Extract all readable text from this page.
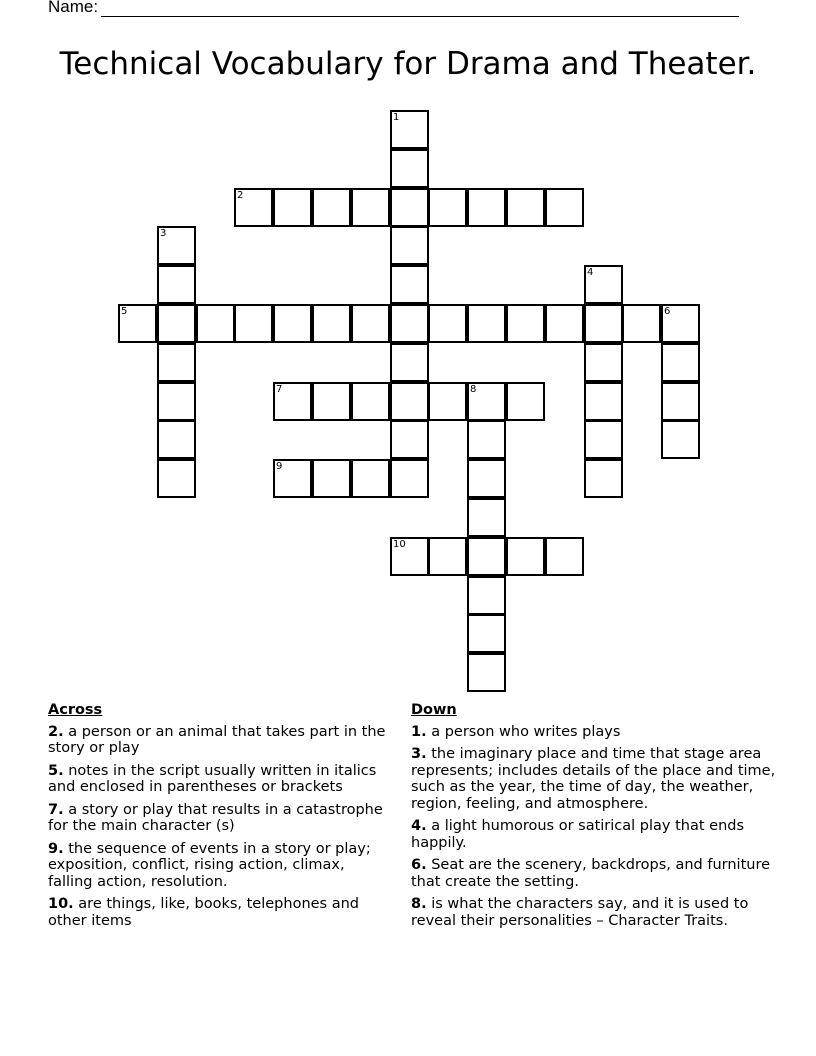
Name:
Technical Vocabulary for Drama and Theater.
1
2
3
4
5	6
7	8
9
10
Across
2. a person or an animal that takes part in the story or play
5. notes in the script usually written in italics and enclosed in parentheses or brackets
7. a story or play that results in a catastrophe for the main character (s)
9. the sequence of events in a story or play; exposition, conflict, rising action, climax, falling action, resolution.
10. are things, like, books, telephones and other items
Down
1. a person who writes plays
3. the imaginary place and time that stage area represents; includes details of the place and time, such as the year, the time of day, the weather, region, feeling, and atmosphere.
4. a light humorous or satirical play that ends happily.
6. Seat are the scenery, backdrops, and furniture that create the setting.
8. is what the characters say, and it is used to reveal their personalities – Character Traits.
